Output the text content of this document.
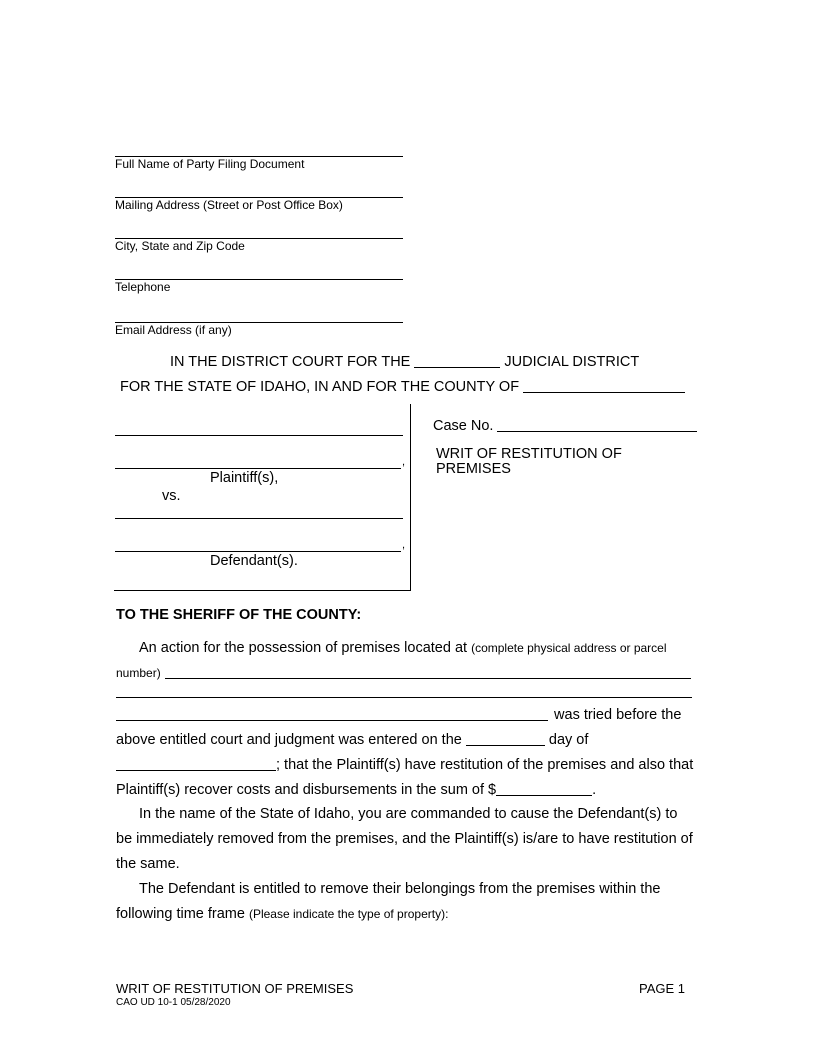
Full Name of Party Filing Document
Mailing Address (Street or Post Office Box)
City, State and Zip Code
Telephone
Email Address (if any)
IN THE DISTRICT COURT FOR THE	JUDICIAL DISTRICT
FOR THE STATE OF IDAHO, IN AND FOR THE COUNTY OF
,
Plaintiff(s),
vs.
,
Defendant(s).
Case No.
WRIT OF RESTITUTION OF
PREMISES
TO THE SHERIFF OF THE COUNTY:
An action for the possession of premises located at (complete physical address or parcel
number)
was tried before the
above entitled court and judgment was entered on the	day of
; that the Plaintiff(s) have restitution of the premises and also that
Plaintiff(s) recover costs and disbursements in the sum of $	.
In the name of the State of Idaho, you are commanded to cause the Defendant(s) to
be immediately removed from the premises, and the Plaintiff(s) is/are to have restitution of
the same.
The Defendant is entitled to remove their belongings from the premises within the
following time frame (Please indicate the type of property):
WRIT OF RESTITUTION OF PREMISES
CAO UD 10-1 05/28/2020
PAGE 1
